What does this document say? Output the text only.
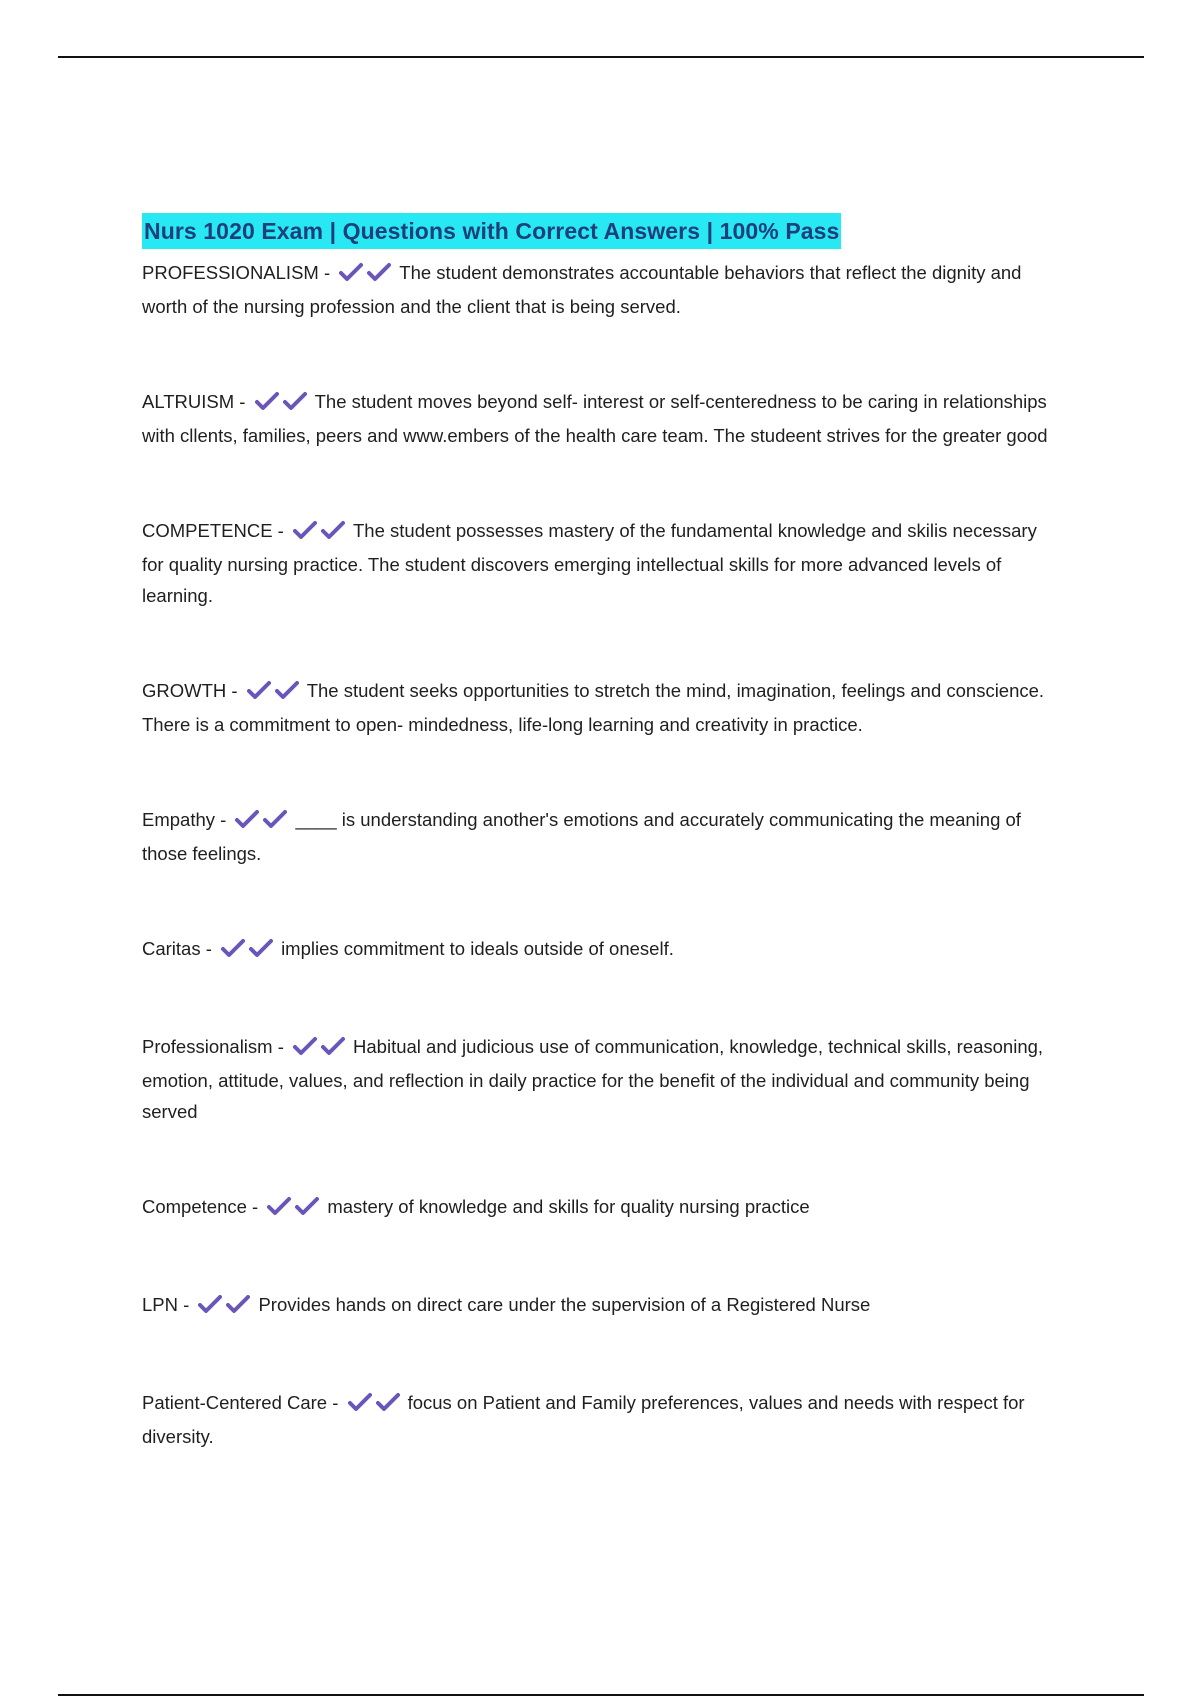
Nurs 1020 Exam | Questions with Correct Answers | 100% Pass

PROFESSIONALISM -	The student demonstrates accountable behaviors that reflect the dignity and worth of the nursing profession and the client that is being served.

ALTRUISM -	The student moves beyond self- interest or self-centeredness to be caring in relationships with cllents, families, peers and www.embers of the health care team. The studeent strives for the greater good

COMPETENCE -	The student possesses mastery of the fundamental knowledge and skilis necessary for quality nursing practice. The student discovers emerging intellectual skills for more advanced levels of learning.

GROWTH -	The student seeks opportunities to stretch the mind, imagination, feelings and conscience. There is a commitment to open- mindedness, life-long learning and creativity in practice.

Empathy -	____ is understanding another's emotions and accurately communicating the meaning of those feelings.

Caritas -	implies commitment to ideals outside of oneself.

Professionalism -	Habitual and judicious use of communication, knowledge, technical skills, reasoning, emotion, attitude, values, and reflection in daily practice for the benefit of the individual and community being served

Competence -	mastery of knowledge and skills for quality nursing practice

LPN -	Provides hands on direct care under the supervision of a Registered Nurse

Patient-Centered Care -	focus on Patient and Family preferences, values and needs with respect for diversity.
